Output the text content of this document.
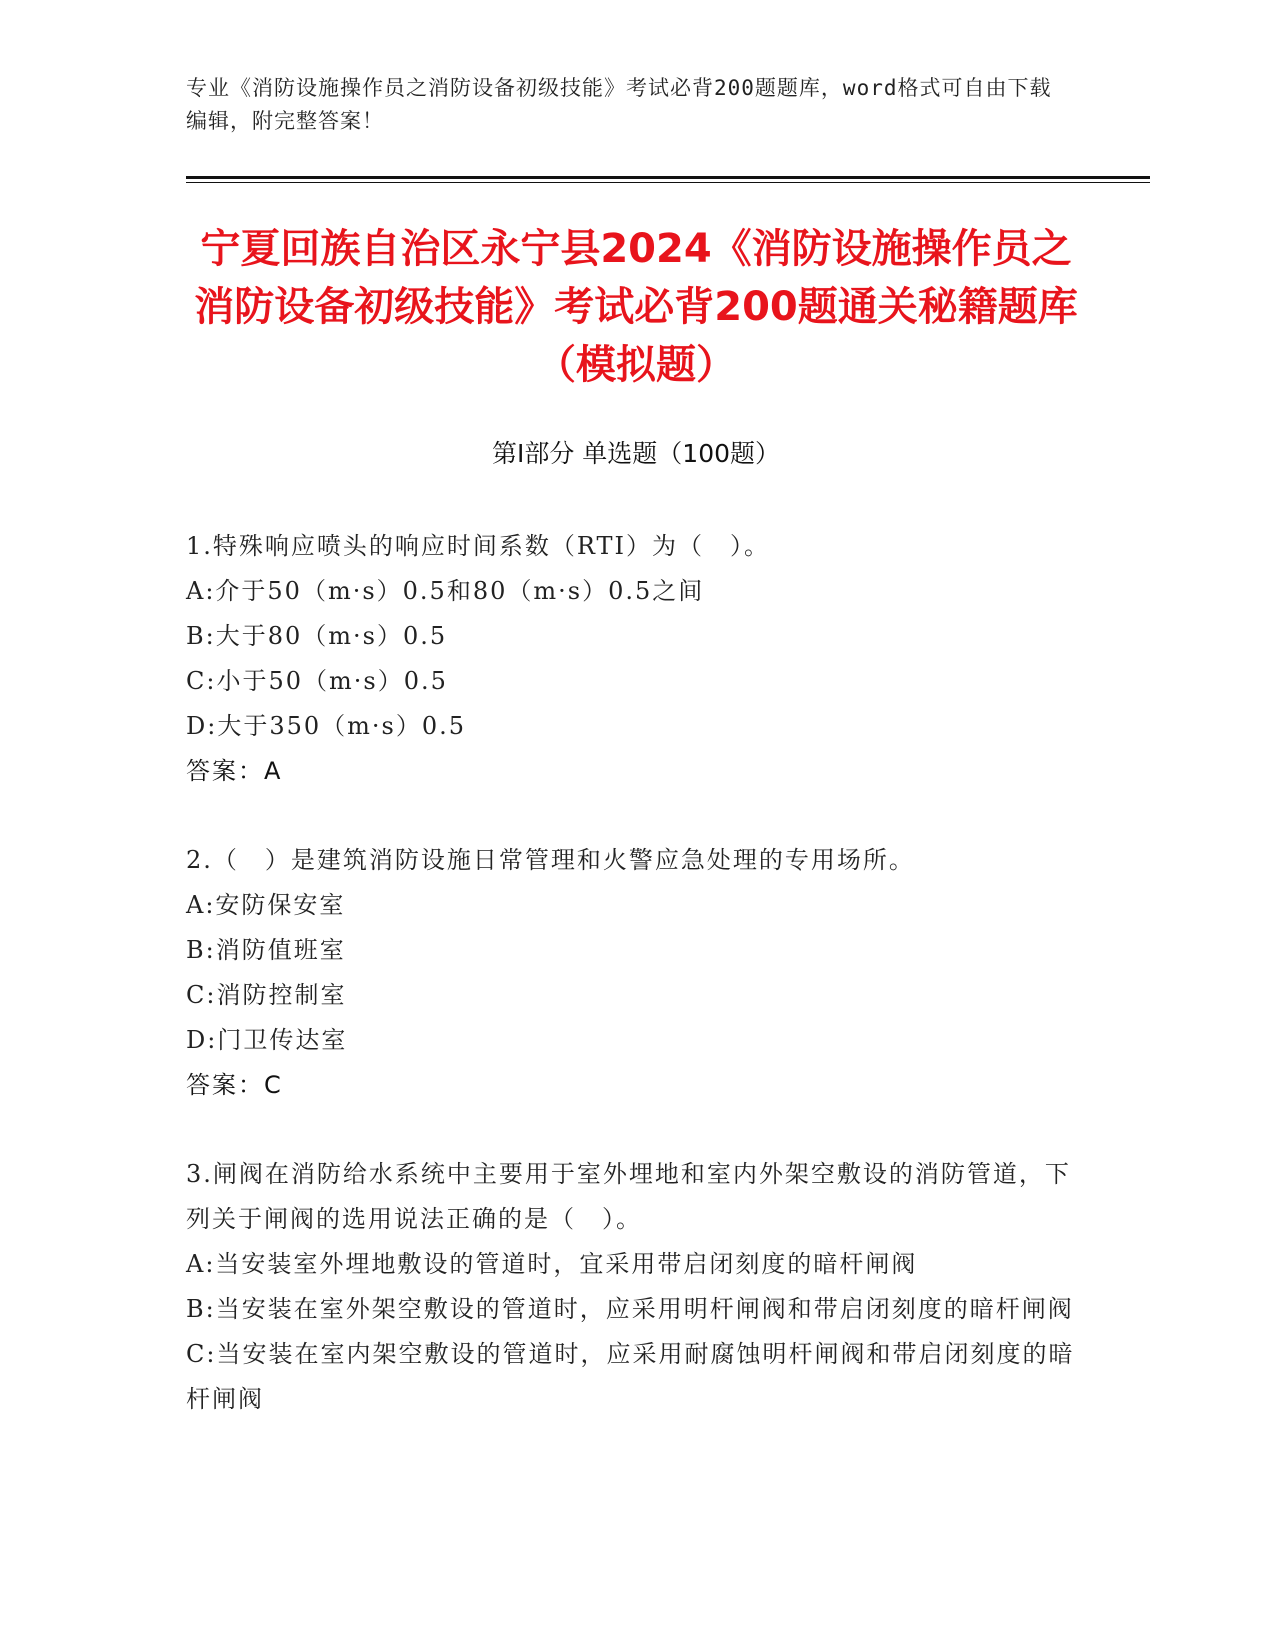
专业《消防设施操作员之消防设备初级技能》考试必背200题题库，word格式可自由下载编辑，附完整答案！
宁夏回族自治区永宁县2024《消防设施操作员之消防设备初级技能》考试必背200题通关秘籍题库（模拟题）
第Ⅰ部分 单选题（100题）
1.特殊响应喷头的响应时间系数（RTI）为（　）。
A:介于50（m·s）0.5和80（m·s）0.5之间
B:大于80（m·s）0.5
C:小于50（m·s）0.5
D:大于350（m·s）0.5
答案：A
2.（　）是建筑消防设施日常管理和火警应急处理的专用场所。
A:安防保安室
B:消防值班室
C:消防控制室
D:门卫传达室
答案：C
3.闸阀在消防给水系统中主要用于室外埋地和室内外架空敷设的消防管道，下列关于闸阀的选用说法正确的是（　）。
A:当安装室外埋地敷设的管道时，宜采用带启闭刻度的暗杆闸阀
B:当安装在室外架空敷设的管道时，应采用明杆闸阀和带启闭刻度的暗杆闸阀
C:当安装在室内架空敷设的管道时，应采用耐腐蚀明杆闸阀和带启闭刻度的暗杆闸阀
